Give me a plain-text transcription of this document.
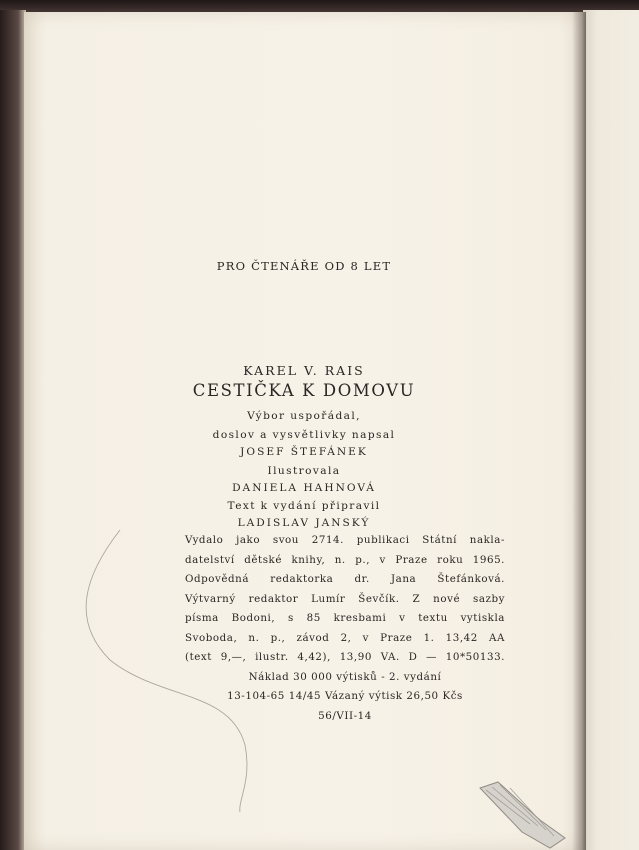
PRO ČTENÁŘE OD 8 LET
KAREL V. RAIS
CESTIČKA K DOMOVU
Výbor uspořádal,
doslov a vysvětlivky napsal
JOSEF ŠTEFÁNEK
Ilustrovala
DANIELA HAHNOVÁ
Text k vydání připravil
LADISLAV JANSKÝ
Vydalo jako svou 2714. publikaci Státní nakla-
datelství dětské knihy, n. p., v Praze roku 1965.
Odpovědná redaktorka dr. Jana Štefánková.
Výtvarný redaktor Lumír Ševčík. Z nové sazby
písma Bodoni, s 85 kresbami v textu vytiskla
Svoboda, n. p., závod 2, v Praze 1. 13,42 AA
(text 9,—, ilustr. 4,42), 13,90 VA. D — 10*50133.
Náklad 30 000 výtisků - 2. vydání
13-104-65 14/45 Vázaný výtisk 26,50 Kčs
56/VII-14
